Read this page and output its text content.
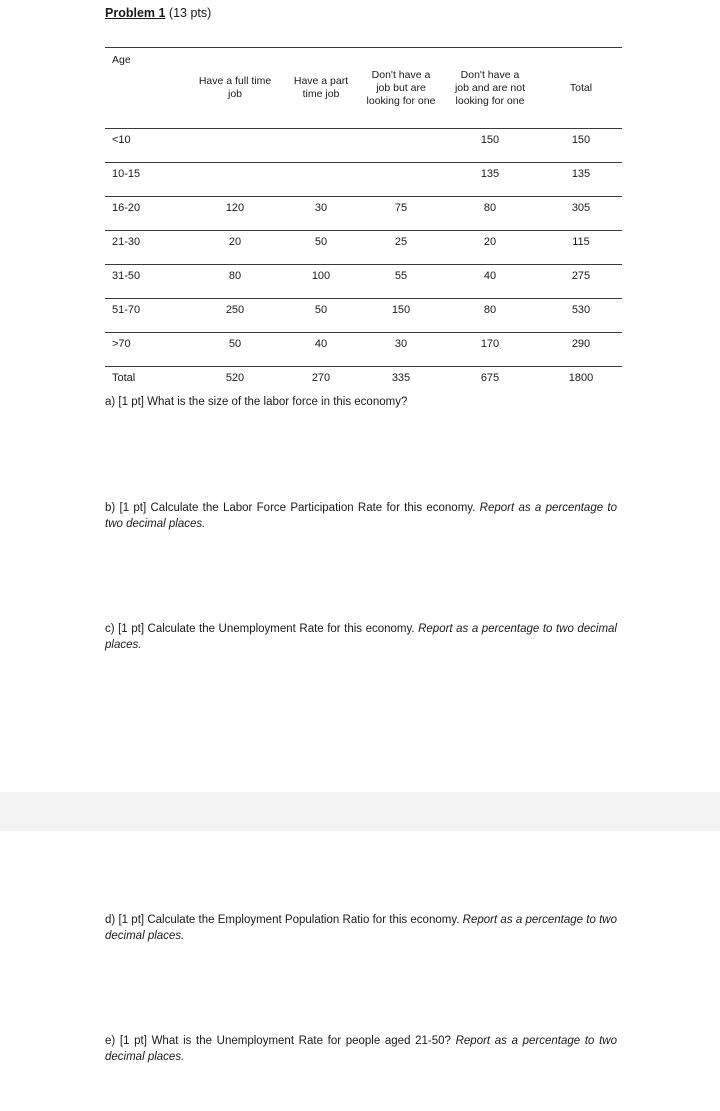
Problem 1 (13 pts)
Age	Have a full time job	Have a part time job	Don't have a job but are looking for one	Don't have a job and are not looking for one	Total
<10				150	150
10-15				135	135
16-20	120	30	75	80	305
21-30	20	50	25	20	115
31-50	80	100	55	40	275
51-70	250	50	150	80	530
>70	50	40	30	170	290
Total	520	270	335	675	1800

a) [1 pt] What is the size of the labor force in this economy?

b) [1 pt] Calculate the Labor Force Participation Rate for this economy. Report as a percentage to two decimal places.

c) [1 pt] Calculate the Unemployment Rate for this economy. Report as a percentage to two decimal places.

d) [1 pt] Calculate the Employment Population Ratio for this economy. Report as a percentage to two decimal places.

e) [1 pt] What is the Unemployment Rate for people aged 21-50? Report as a percentage to two decimal places.
